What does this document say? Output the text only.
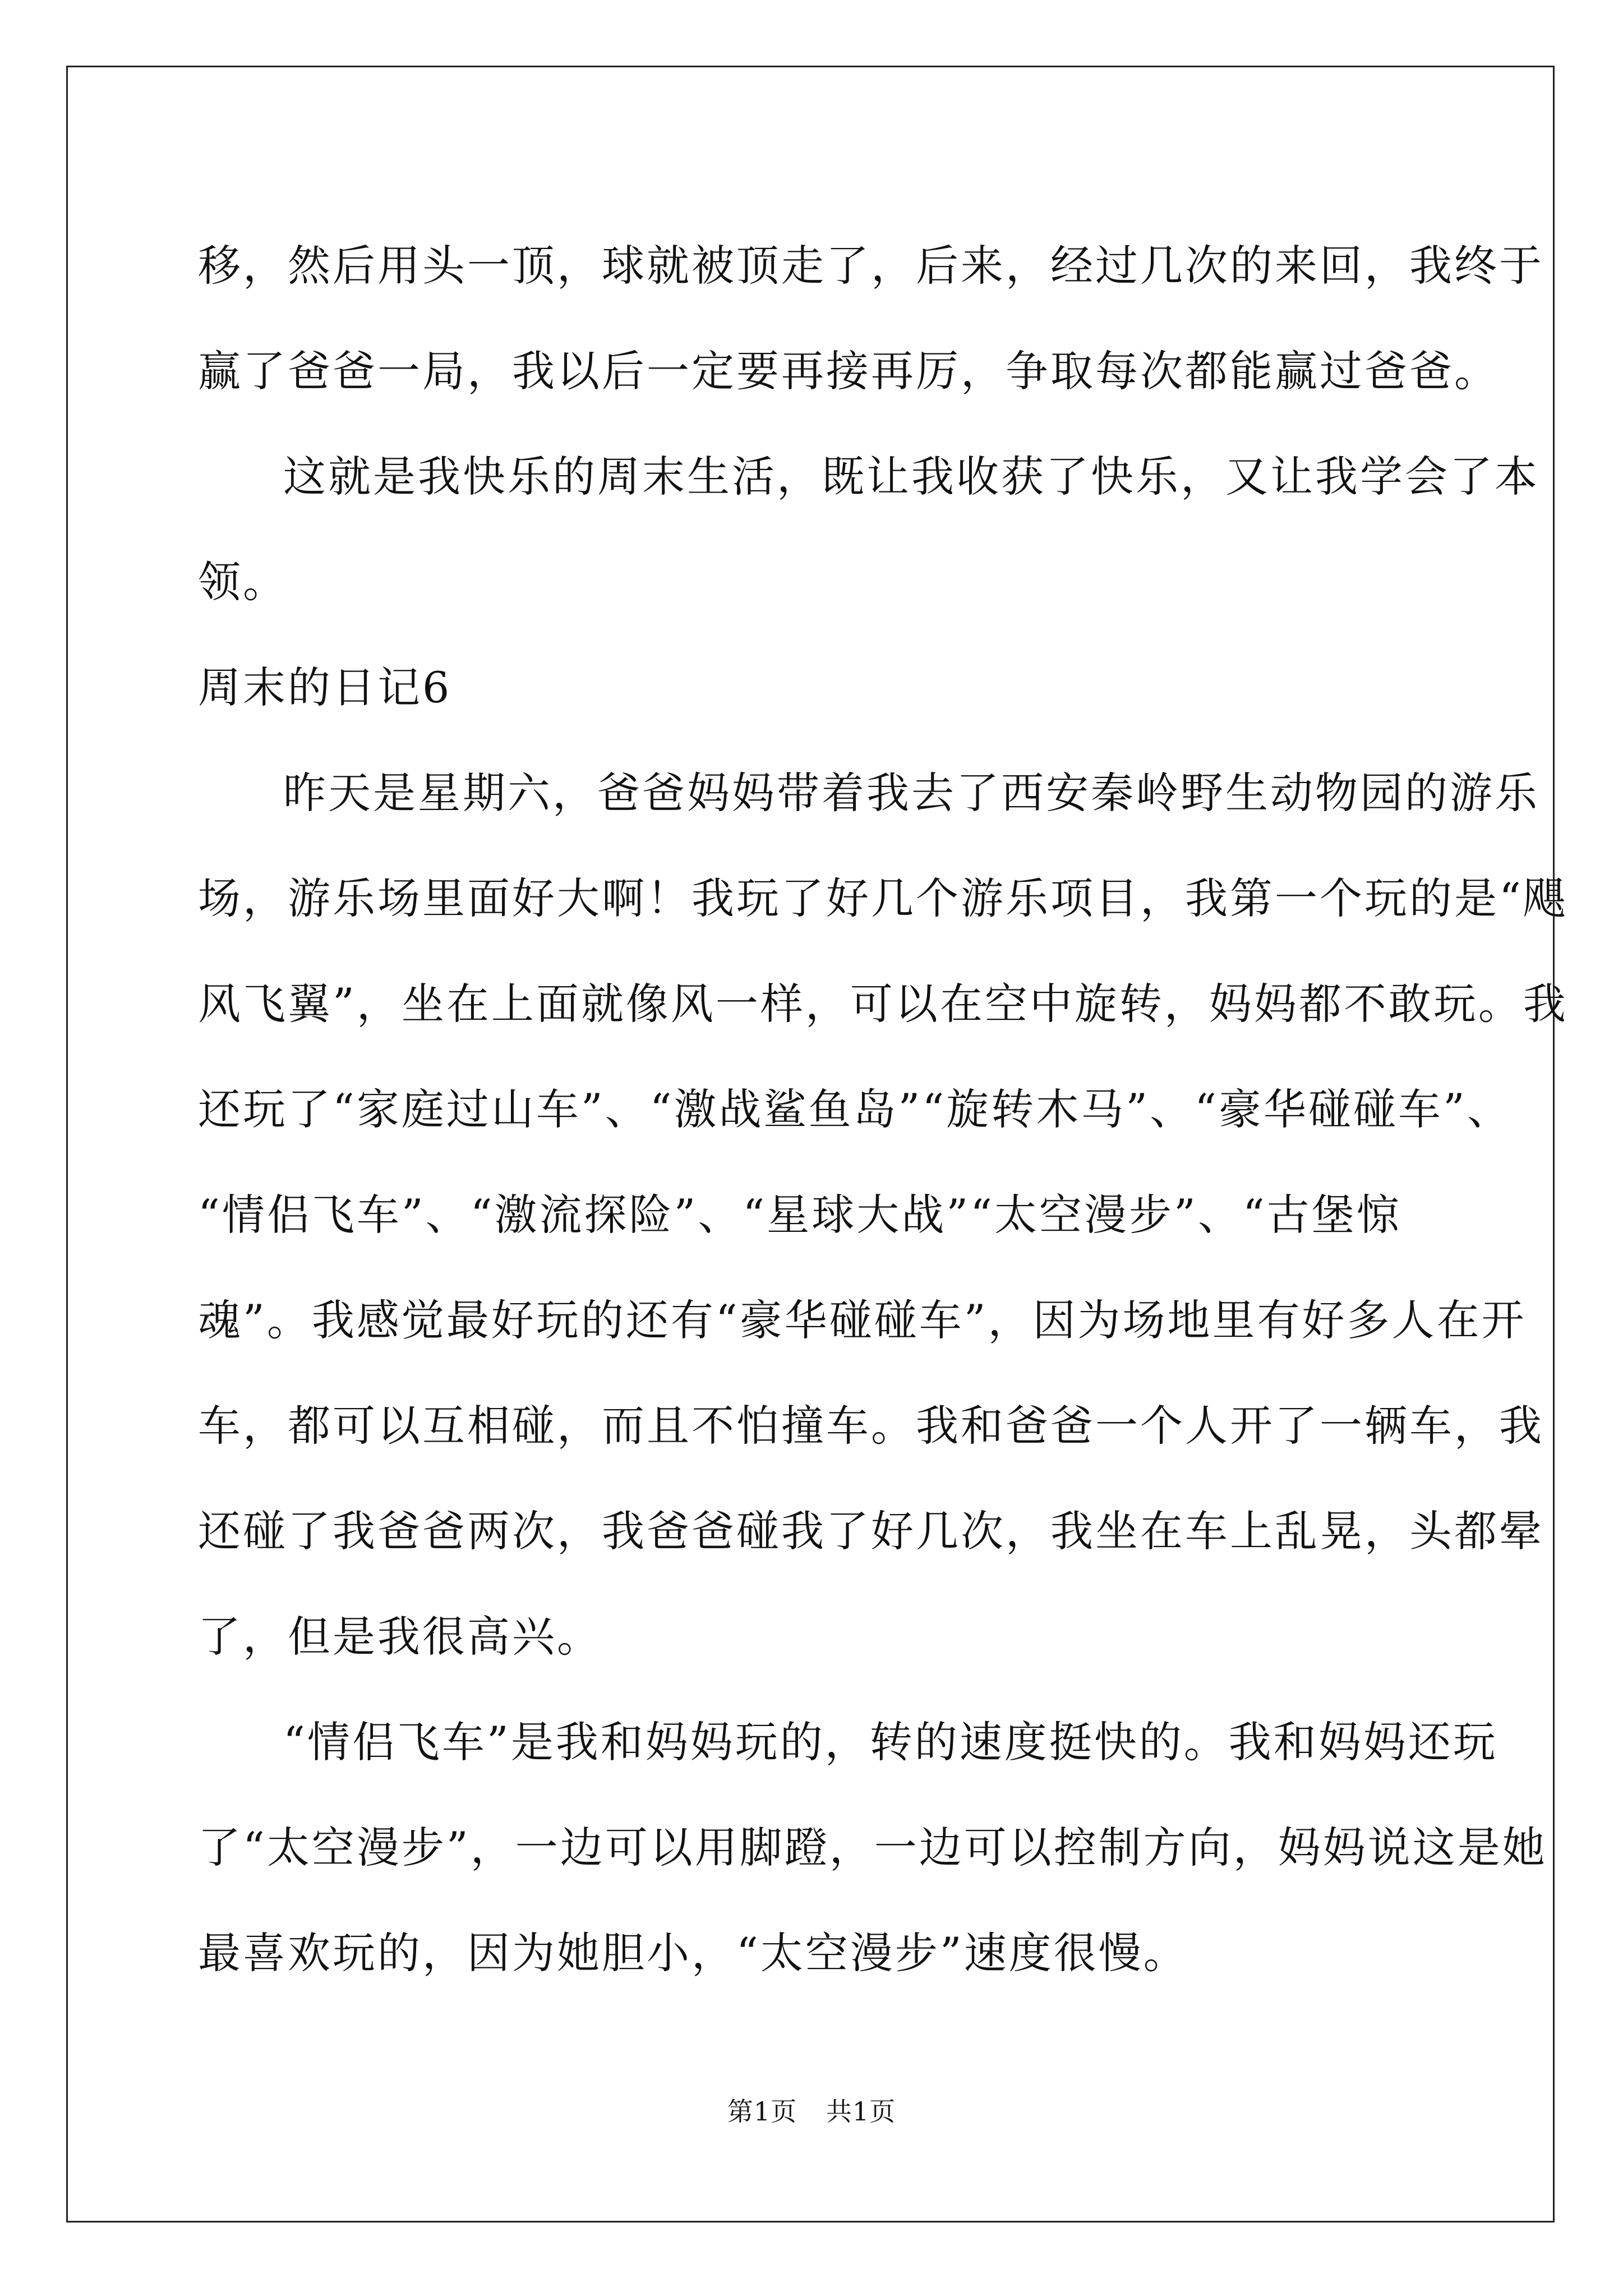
移，然后用头一顶，球就被顶走了，后来，经过几次的来回，我终于
赢了爸爸一局，我以后一定要再接再厉，争取每次都能赢过爸爸。
这就是我快乐的周末生活，既让我收获了快乐，又让我学会了本
领。
周末的日记6
昨天是星期六，爸爸妈妈带着我去了西安秦岭野生动物园的游乐
场，游乐场里面好大啊！我玩了好几个游乐项目，我第一个玩的是“飓
风飞翼”，坐在上面就像风一样，可以在空中旋转，妈妈都不敢玩。我
还玩了“家庭过山车”、“激战鲨鱼岛”“旋转木马”、“豪华碰碰车”、
“情侣飞车”、“激流探险”、“星球大战”“太空漫步”、“古堡惊
魂”。我感觉最好玩的还有“豪华碰碰车”，因为场地里有好多人在开
车，都可以互相碰，而且不怕撞车。我和爸爸一个人开了一辆车，我
还碰了我爸爸两次，我爸爸碰我了好几次，我坐在车上乱晃，头都晕
了，但是我很高兴。
“情侣飞车”是我和妈妈玩的，转的速度挺快的。我和妈妈还玩
了“太空漫步”，一边可以用脚蹬，一边可以控制方向，妈妈说这是她
最喜欢玩的，因为她胆小，“太空漫步”速度很慢。
第1页 共1页
